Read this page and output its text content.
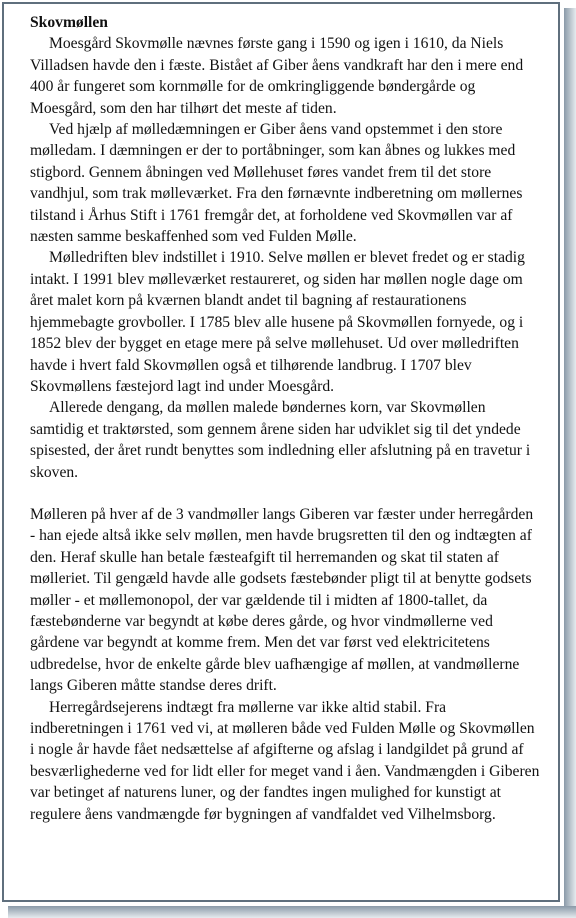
Skovmøllen

Moesgård Skovmølle nævnes første gang i 1590 og igen i 1610, da Niels Villadsen havde den i fæste. Bistået af Giber åens vandkraft har den i mere end 400 år fungeret som kornmølle for de omkringliggende bøndergårde og Moesgård, som den har tilhørt det meste af tiden.

Ved hjælp af mølledæmningen er Giber åens vand opstemmet i den store mølledam. I dæmningen er der to portåbninger, som kan åbnes og lukkes med stigbord. Gennem åbningen ved Møllehuset føres vandet frem til det store vandhjul, som trak mølleværket. Fra den førnævnte indberetning om møllernes tilstand i Århus Stift i 1761 fremgår det, at forholdene ved Skovmøllen var af næsten samme beskaffenhed som ved Fulden Mølle.

Mølledriften blev indstillet i 1910. Selve møllen er blevet fredet og er stadig intakt. I 1991 blev mølleværket restaureret, og siden har møllen nogle dage om året malet korn på kværnen blandt andet til bagning af restaurationens hjemmebagte grovboller. I 1785 blev alle husene på Skovmøllen fornyede, og i 1852 blev der bygget en etage mere på selve møllehuset. Ud over mølledriften havde i hvert fald Skovmøllen også et tilhørende landbrug. I 1707 blev Skovmøllens fæstejord lagt ind under Moesgård.

Allerede dengang, da møllen malede bøndernes korn, var Skovmøllen samtidig et traktørsted, som gennem årene siden har udviklet sig til det yndede spisested, der året rundt benyttes som indledning eller afslutning på en travetur i skoven.

Mølleren på hver af de 3 vandmøller langs Giberen var fæster under herregården - han ejede altså ikke selv møllen, men havde brugsretten til den og indtægten af den. Heraf skulle han betale fæsteafgift til herremanden og skat til staten af mølleriet. Til gengæld havde alle godsets fæstebønder pligt til at benytte godsets møller - et møllemonopol, der var gældende til i midten af 1800-tallet, da fæstebønderne var begyndt at købe deres gårde, og hvor vindmøllerne ved gårdene var begyndt at komme frem. Men det var først ved elektricitetens udbredelse, hvor de enkelte gårde blev uafhængige af møllen, at vandmøllerne langs Giberen måtte standse deres drift.

Herregårdsejerens indtægt fra møllerne var ikke altid stabil. Fra indberetningen i 1761 ved vi, at mølleren både ved Fulden Mølle og Skovmøllen i nogle år havde fået nedsættelse af afgifterne og afslag i landgildet på grund af besværlighederne ved for lidt eller for meget vand i åen. Vandmængden i Giberen var betinget af naturens luner, og der fandtes ingen mulighed for kunstigt at regulere åens vandmængde før bygningen af vandfaldet ved Vilhelmsborg.
